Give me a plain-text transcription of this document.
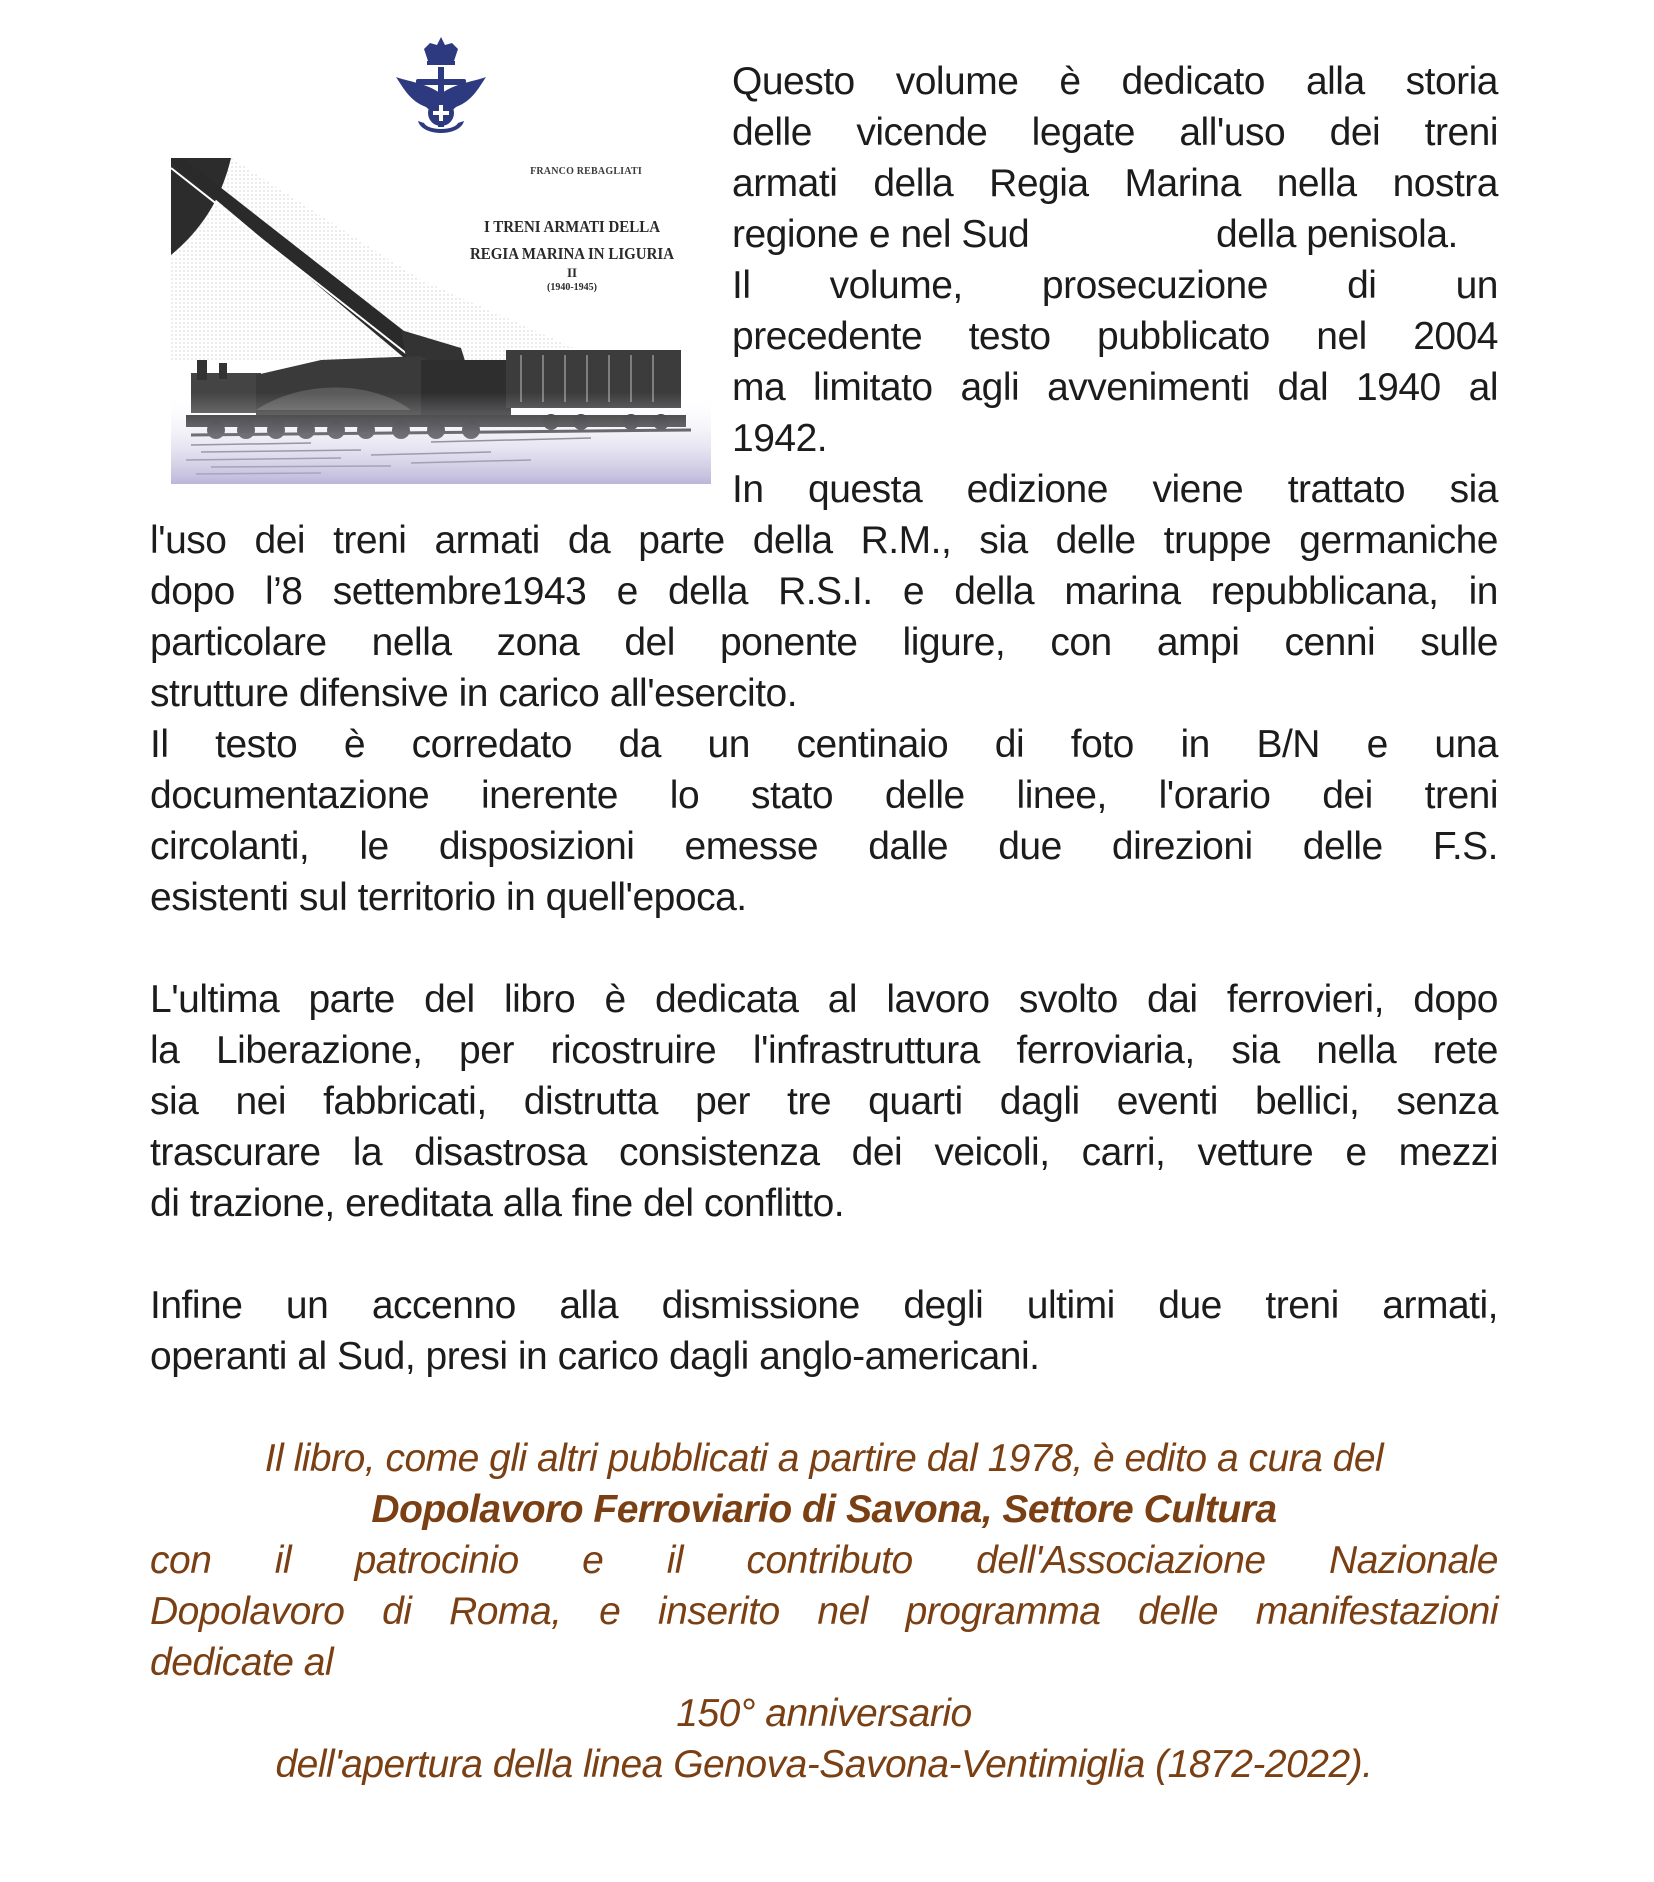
FRANCO REBAGLIATI
I TRENI ARMATI DELLA
REGIA MARINA IN LIGURIA
II
(1940-1945)
Questo volume è dedicato alla storia
delle vicende legate all'uso dei treni
armati della Regia Marina nella nostra
regione e nel Sud	della penisola.
Il volume, prosecuzione di un
precedente testo pubblicato nel 2004
ma limitato agli avvenimenti dal 1940 al
1942.
In questa edizione viene trattato sia
l'uso dei treni armati da parte della R.M., sia delle truppe germaniche
dopo l’8 settembre1943 e della R.S.I. e della marina repubblicana, in
particolare nella zona del ponente ligure, con ampi cenni sulle
strutture difensive in carico all'esercito.
Il testo è corredato da un centinaio di foto in B/N e una
documentazione inerente lo stato delle linee, l'orario dei treni
circolanti, le disposizioni emesse dalle due direzioni delle F.S.
esistenti sul territorio in quell'epoca.
L'ultima parte del libro è dedicata al lavoro svolto dai ferrovieri, dopo
la Liberazione, per ricostruire l'infrastruttura ferroviaria, sia nella rete
sia nei fabbricati, distrutta per tre quarti dagli eventi bellici, senza
trascurare la disastrosa consistenza dei veicoli, carri, vetture e mezzi
di trazione, ereditata alla fine del conflitto.
Infine un accenno alla dismissione degli ultimi due treni armati,
operanti al Sud, presi in carico dagli anglo-americani.
Il libro, come gli altri pubblicati a partire dal 1978, è edito a cura del
Dopolavoro Ferroviario di Savona, Settore Cultura
con il patrocinio e il contributo dell'Associazione Nazionale
Dopolavoro di Roma, e inserito nel programma delle manifestazioni
dedicate al
150° anniversario
dell'apertura della linea Genova-Savona-Ventimiglia (1872-2022).
